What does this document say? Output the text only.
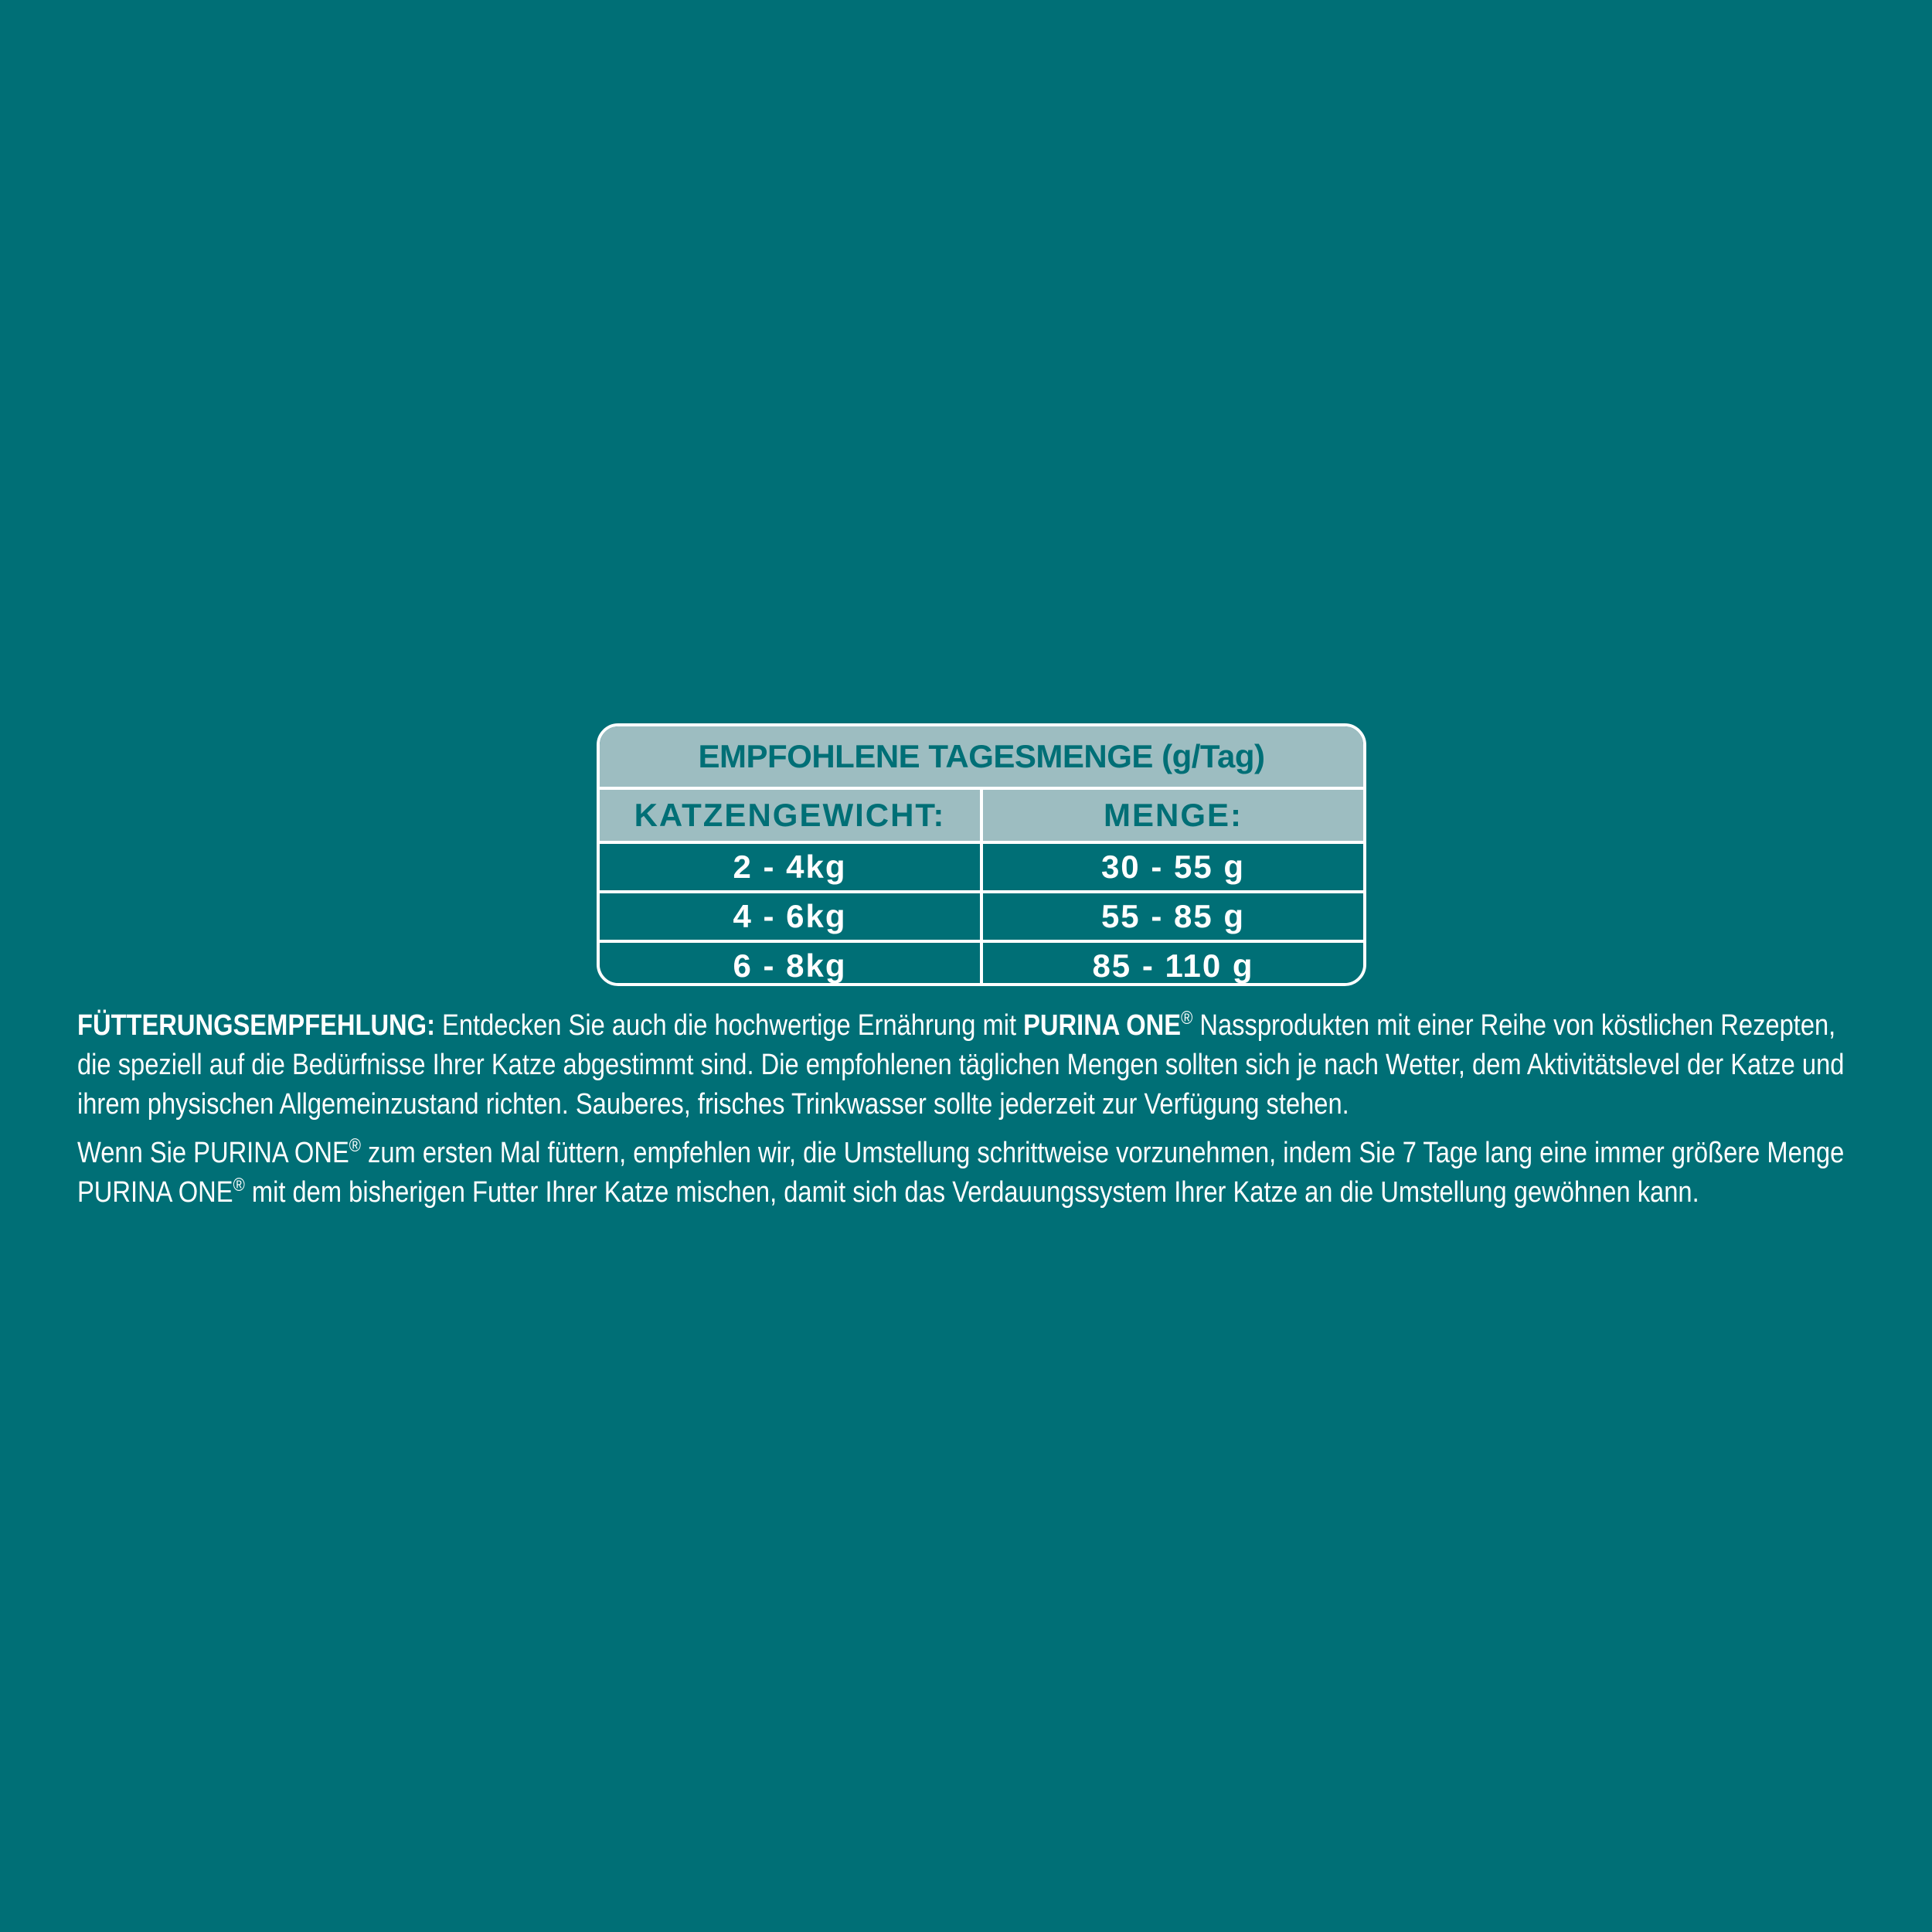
EMPFOHLENE TAGESMENGE (g/Tag)
KATZENGEWICHT:	MENGE:
2 - 4kg	30 - 55 g
4 - 6kg	55 - 85 g
6 - 8kg	85 - 110 g

FÜTTERUNGSEMPFEHLUNG: Entdecken Sie auch die hochwertige Ernährung mit PURINA ONE® Nassprodukten mit einer Reihe von köstlichen Rezepten, die speziell auf die Bedürfnisse Ihrer Katze abgestimmt sind. Die empfohlenen täglichen Mengen sollten sich je nach Wetter, dem Aktivitätslevel der Katze und ihrem physischen Allgemeinzustand richten. Sauberes, frisches Trinkwasser sollte jederzeit zur Verfügung stehen.

Wenn Sie PURINA ONE® zum ersten Mal füttern, empfehlen wir, die Umstellung schrittweise vorzunehmen, indem Sie 7 Tage lang eine immer größere Menge PURINA ONE® mit dem bisherigen Futter Ihrer Katze mischen, damit sich das Verdauungssystem Ihrer Katze an die Umstellung gewöhnen kann.
